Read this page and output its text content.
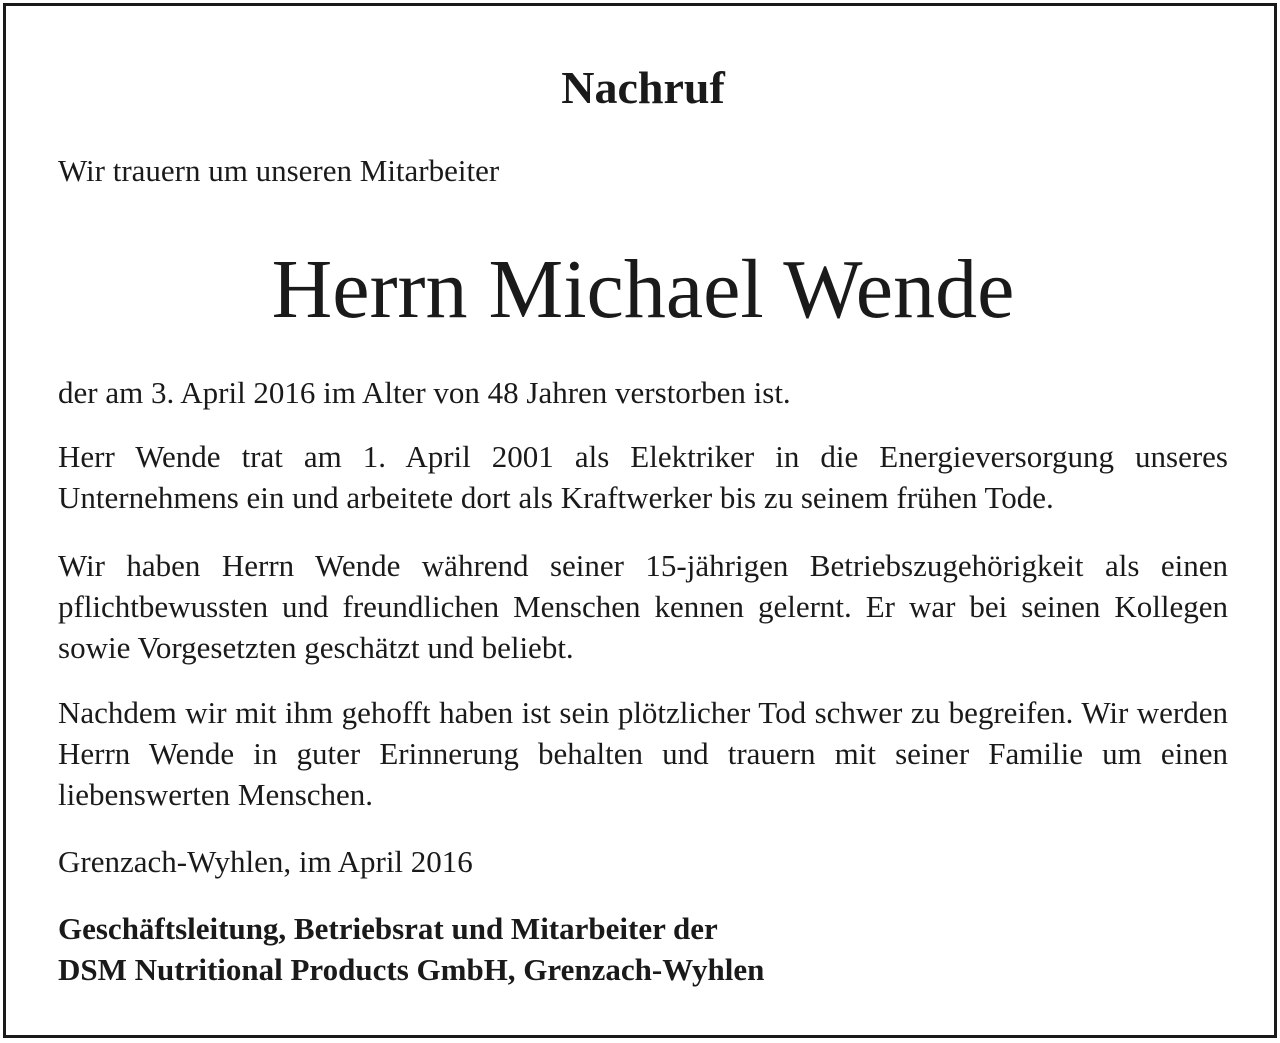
Nachruf

Wir trauern um unseren Mitarbeiter

Herrn Michael Wende

der am 3. April 2016 im Alter von 48 Jahren verstorben ist.

Herr Wende trat am 1. April 2001 als Elektriker in die Energieversorgung unseres Unternehmens ein und arbeitete dort als Kraftwerker bis zu seinem frühen Tode.

Wir haben Herrn Wende während seiner 15-jährigen Betriebszugehörigkeit als einen pflichtbewussten und freundlichen Menschen kennen gelernt. Er war bei seinen Kollegen sowie Vorgesetzten geschätzt und beliebt.

Nachdem wir mit ihm gehofft haben ist sein plötzlicher Tod schwer zu begreifen. Wir werden Herrn Wende in guter Erinnerung behalten und trauern mit seiner Familie um einen liebenswerten Menschen.

Grenzach-Wyhlen, im April 2016

Geschäftsleitung, Betriebsrat und Mitarbeiter der
DSM Nutritional Products GmbH, Grenzach-Wyhlen
